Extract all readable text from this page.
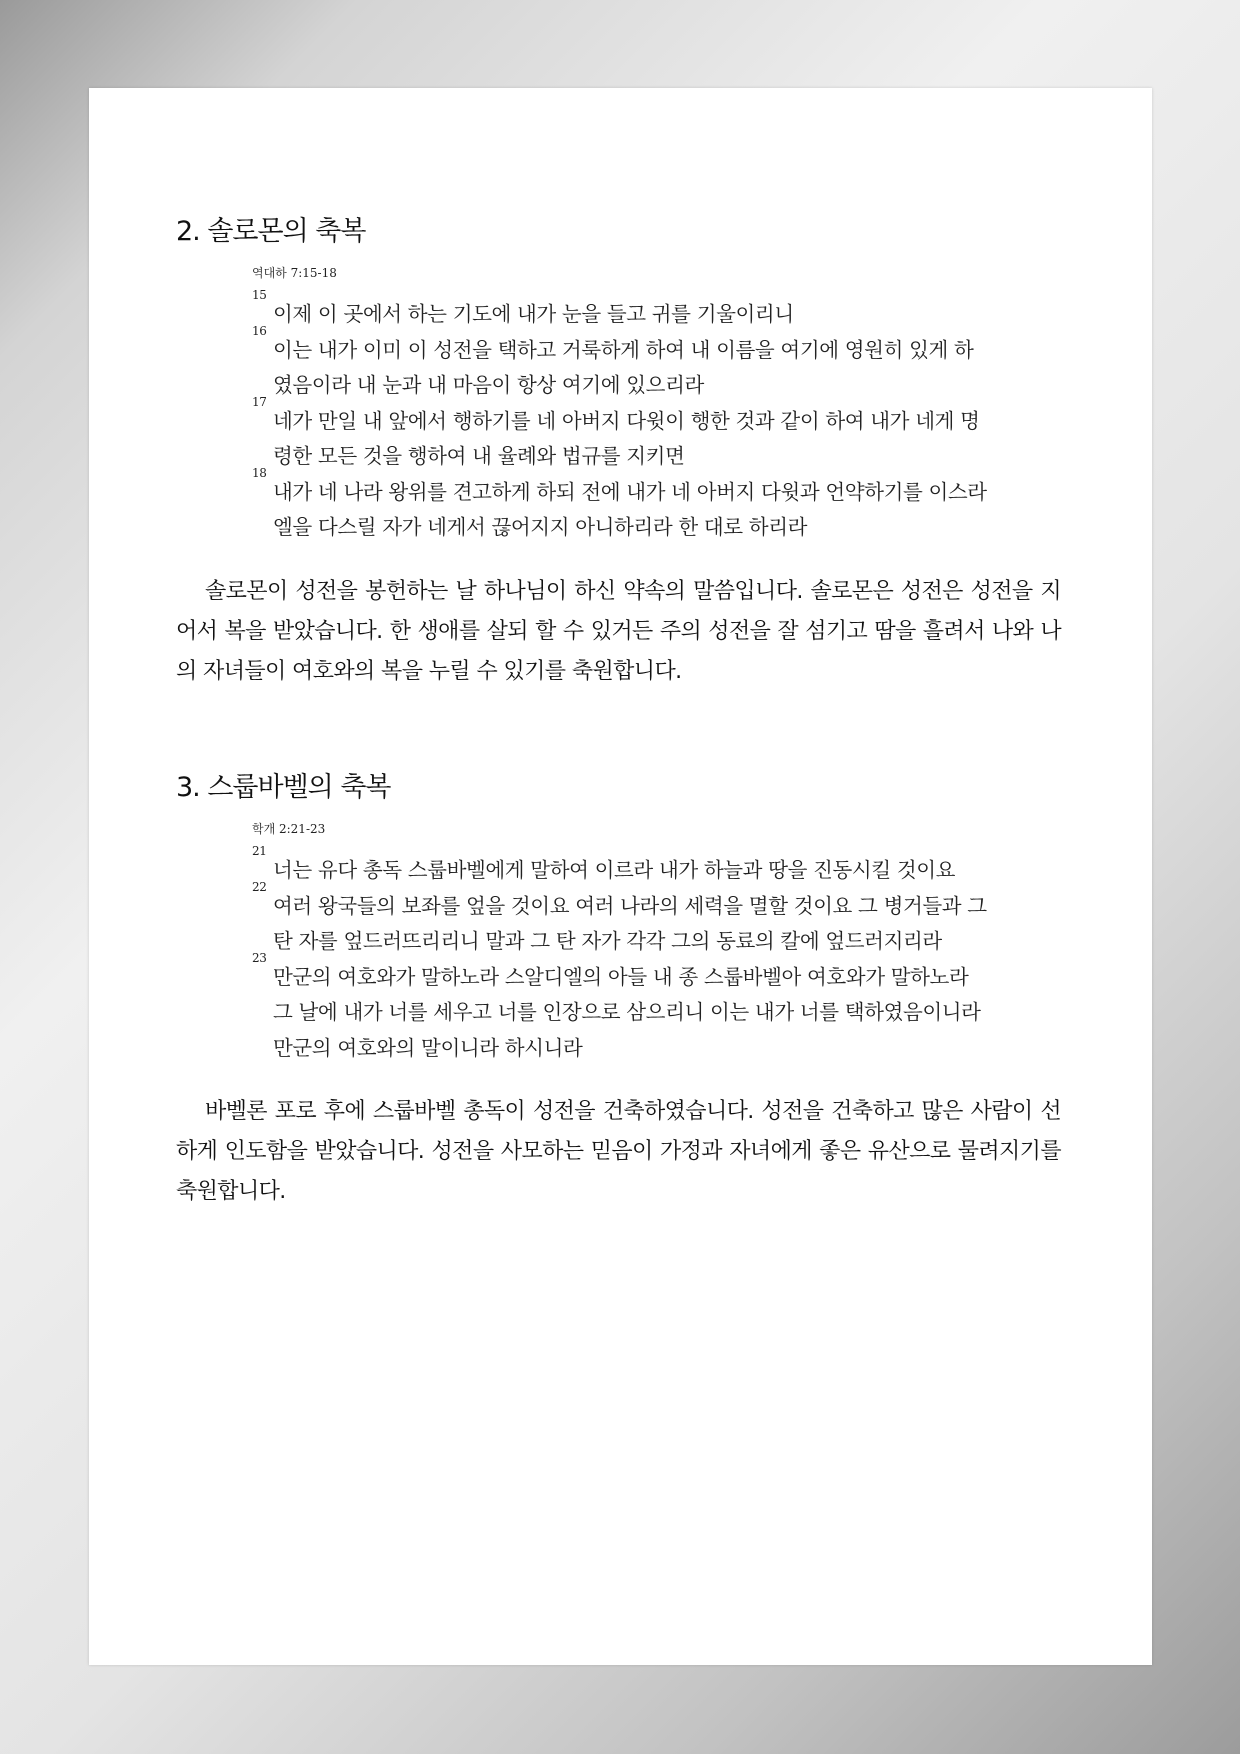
2. 솔로몬의 축복
역대하 7:15-18
15
이제 이 곳에서 하는 기도에 내가 눈을 들고 귀를 기울이리니
16
이는 내가 이미 이 성전을 택하고 거룩하게 하여 내 이름을 여기에 영원히 있게 하였음이라 내 눈과 내 마음이 항상 여기에 있으리라
17
네가 만일 내 앞에서 행하기를 네 아버지 다윗이 행한 것과 같이 하여 내가 네게 명령한 모든 것을 행하여 내 율례와 법규를 지키면
18
내가 네 나라 왕위를 견고하게 하되 전에 내가 네 아버지 다윗과 언약하기를 이스라엘을 다스릴 자가 네게서 끊어지지 아니하리라 한 대로 하리라

솔로몬이 성전을 봉헌하는 날 하나님이 하신 약속의 말씀입니다. 솔로몬은 성전은 성전을 지어서 복을 받았습니다. 한 생애를 살되 할 수 있거든 주의 성전을 잘 섬기고 땀을 흘려서 나와 나의 자녀들이 여호와의 복을 누릴 수 있기를 축원합니다.

3. 스룹바벨의 축복
학개 2:21-23
21
너는 유다 총독 스룹바벨에게 말하여 이르라 내가 하늘과 땅을 진동시킬 것이요
22
여러 왕국들의 보좌를 엎을 것이요 여러 나라의 세력을 멸할 것이요 그 병거들과 그 탄 자를 엎드러뜨리리니 말과 그 탄 자가 각각 그의 동료의 칼에 엎드러지리라
23
만군의 여호와가 말하노라 스알디엘의 아들 내 종 스룹바벨아 여호와가 말하노라 그 날에 내가 너를 세우고 너를 인장으로 삼으리니 이는 내가 너를 택하였음이니라 만군의 여호와의 말이니라 하시니라

바벨론 포로 후에 스룹바벨 총독이 성전을 건축하였습니다. 성전을 건축하고 많은 사람이 선하게 인도함을 받았습니다. 성전을 사모하는 믿음이 가정과 자녀에게 좋은 유산으로 물려지기를 축원합니다.
